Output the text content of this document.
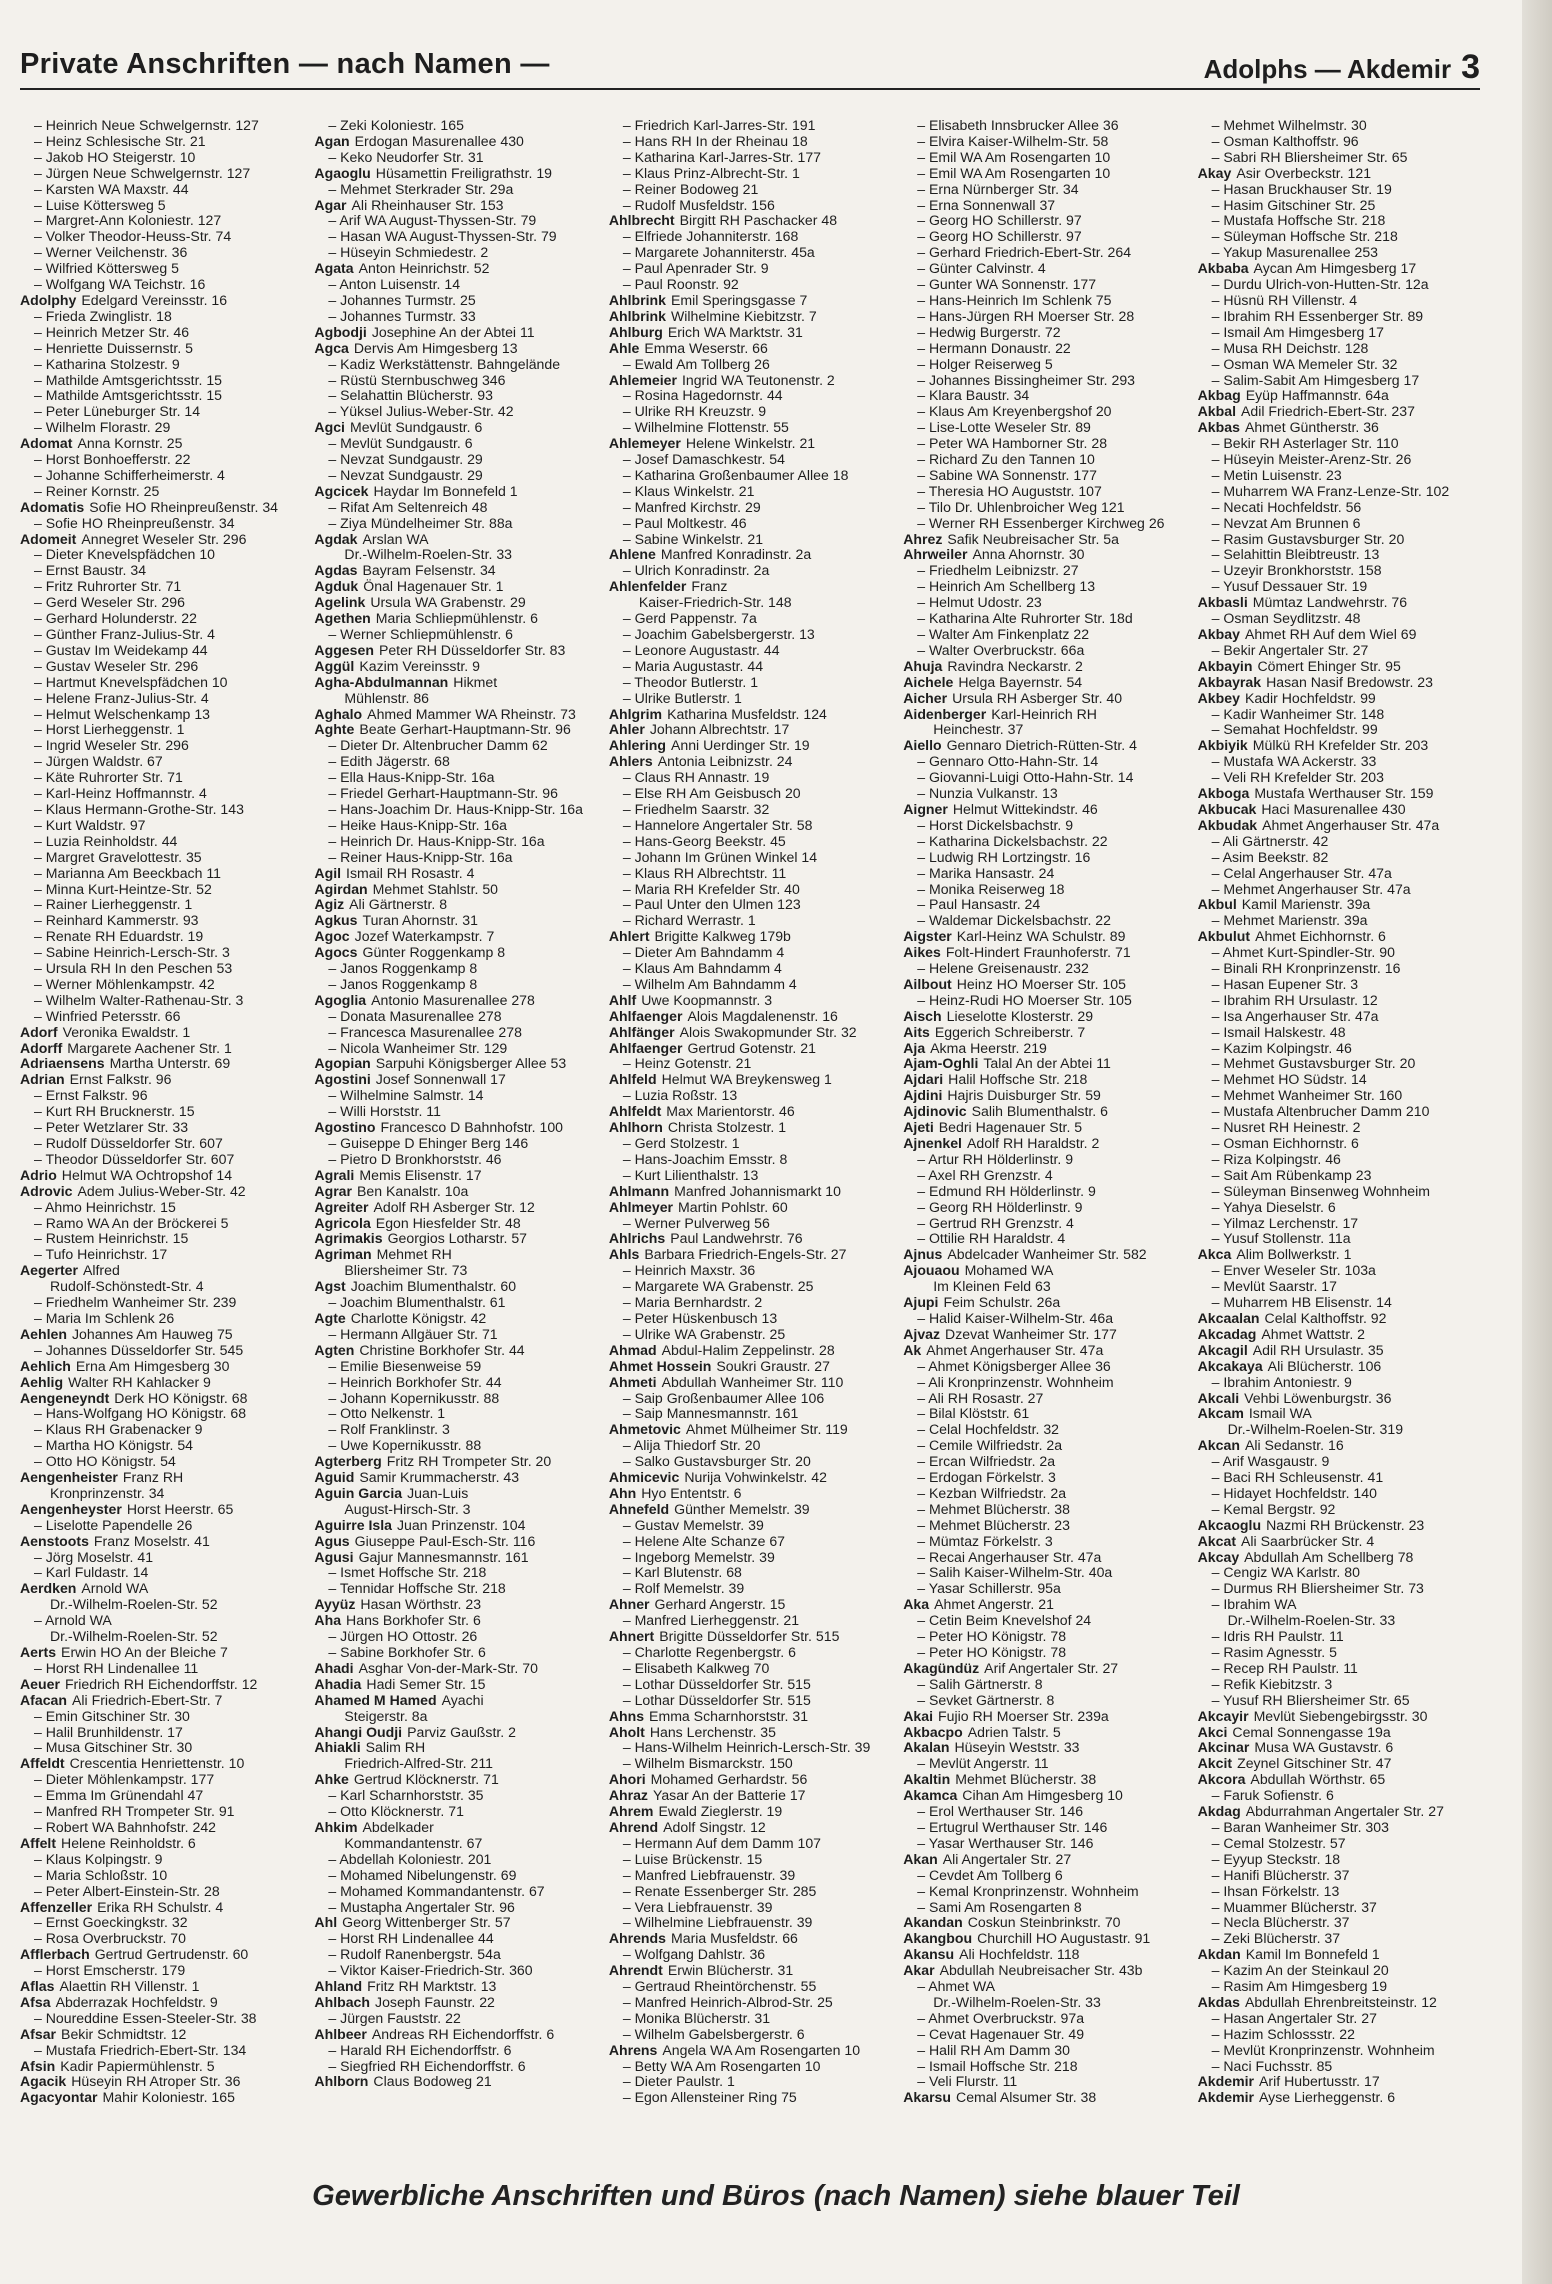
Private Anschriften — nach Namen —	Adolphs — Akdemir 3
– Heinrich Neue Schwelgernstr. 127
– Heinz Schlesische Str. 21
– Jakob HO Steigerstr. 10
– Jürgen Neue Schwelgernstr. 127
– Karsten WA Maxstr. 44
– Luise Köttersweg 5
– Margret-Ann Koloniestr. 127
– Volker Theodor-Heuss-Str. 74
– Werner Veilchenstr. 36
– Wilfried Köttersweg 5
– Wolfgang WA Teichstr. 16
Adolphy Edelgard Vereinsstr. 16
– Frieda Zwinglistr. 18
– Heinrich Metzer Str. 46
– Henriette Duissernstr. 5
– Katharina Stolzestr. 9
– Mathilde Amtsgerichtsstr. 15
– Mathilde Amtsgerichtsstr. 15
– Peter Lüneburger Str. 14
– Wilhelm Florastr. 29
Adomat Anna Kornstr. 25
– Horst Bonhoefferstr. 22
– Johanne Schifferheimerstr. 4
– Reiner Kornstr. 25
Adomatis Sofie HO Rheinpreußenstr. 34
– Sofie HO Rheinpreußenstr. 34
Adomeit Annegret Weseler Str. 296
– Dieter Knevelspfädchen 10
– Ernst Baustr. 34
– Fritz Ruhrorter Str. 71
– Gerd Weseler Str. 296
– Gerhard Holunderstr. 22
– Günther Franz-Julius-Str. 4
– Gustav Im Weidekamp 44
– Gustav Weseler Str. 296
– Hartmut Knevelspfädchen 10
– Helene Franz-Julius-Str. 4
– Helmut Welschenkamp 13
– Horst Lierheggenstr. 1
– Ingrid Weseler Str. 296
– Jürgen Waldstr. 67
– Käte Ruhrorter Str. 71
– Karl-Heinz Hoffmannstr. 4
– Klaus Hermann-Grothe-Str. 143
– Kurt Waldstr. 97
– Luzia Reinholdstr. 44
– Margret Gravelottestr. 35
– Marianna Am Beeckbach 11
– Minna Kurt-Heintze-Str. 52
– Rainer Lierheggenstr. 1
– Reinhard Kammerstr. 93
– Renate RH Eduardstr. 19
– Sabine Heinrich-Lersch-Str. 3
– Ursula RH In den Peschen 53
– Werner Möhlenkampstr. 42
– Wilhelm Walter-Rathenau-Str. 3
– Winfried Petersstr. 66
Adorf Veronika Ewaldstr. 1
Adorff Margarete Aachener Str. 1
Adriaensens Martha Unterstr. 69
Adrian Ernst Falkstr. 96
– Ernst Falkstr. 96
– Kurt RH Brucknerstr. 15
– Peter Wetzlarer Str. 33
– Rudolf Düsseldorfer Str. 607
– Theodor Düsseldorfer Str. 607
Adrio Helmut WA Ochtropshof 14
Adrovic Adem Julius-Weber-Str. 42
– Ahmo Heinrichstr. 15
– Ramo WA An der Bröckerei 5
– Rustem Heinrichstr. 15
– Tufo Heinrichstr. 17
Aegerter Alfred
Rudolf-Schönstedt-Str. 4
– Friedhelm Wanheimer Str. 239
– Maria Im Schlenk 26
Aehlen Johannes Am Hauweg 75
– Johannes Düsseldorfer Str. 545
Aehlich Erna Am Himgesberg 30
Aehlig Walter RH Kahlacker 9
Aengeneyndt Derk HO Königstr. 68
– Hans-Wolfgang HO Königstr. 68
– Klaus RH Grabenacker 9
– Martha HO Königstr. 54
– Otto HO Königstr. 54
Aengenheister Franz RH
Kronprinzenstr. 34
Aengenheyster Horst Heerstr. 65
– Liselotte Papendelle 26
Aenstoots Franz Moselstr. 41
– Jörg Moselstr. 41
– Karl Fuldastr. 14
Aerdken Arnold WA
Dr.-Wilhelm-Roelen-Str. 52
– Arnold WA
Dr.-Wilhelm-Roelen-Str. 52
Aerts Erwin HO An der Bleiche 7
– Horst RH Lindenallee 11
Aeuer Friedrich RH Eichendorffstr. 12
Afacan Ali Friedrich-Ebert-Str. 7
– Emin Gitschiner Str. 30
– Halil Brunhildenstr. 17
– Musa Gitschiner Str. 30
Affeldt Crescentia Henriettenstr. 10
– Dieter Möhlenkampstr. 177
– Emma Im Grünendahl 47
– Manfred RH Trompeter Str. 91
– Robert WA Bahnhofstr. 242
Affelt Helene Reinholdstr. 6
– Klaus Kolpingstr. 9
– Maria Schloßstr. 10
– Peter Albert-Einstein-Str. 28
Affenzeller Erika RH Schulstr. 4
– Ernst Goeckingkstr. 32
– Rosa Overbruckstr. 70
Afflerbach Gertrud Gertrudenstr. 60
– Horst Emscherstr. 179
Aflas Alaettin RH Villenstr. 1
Afsa Abderrazak Hochfeldstr. 9
– Noureddine Essen-Steeler-Str. 38
Afsar Bekir Schmidtstr. 12
– Mustafa Friedrich-Ebert-Str. 134
Afsin Kadir Papiermühlenstr. 5
Agacik Hüseyin RH Atroper Str. 36
Agacyontar Mahir Koloniestr. 165
– Zeki Koloniestr. 165
Agan Erdogan Masurenallee 430
– Keko Neudorfer Str. 31
Agaoglu Hüsamettin Freiligrathstr. 19
– Mehmet Sterkrader Str. 29a
Agar Ali Rheinhauser Str. 153
– Arif WA August-Thyssen-Str. 79
– Hasan WA August-Thyssen-Str. 79
– Hüseyin Schmiedestr. 2
Agata Anton Heinrichstr. 52
– Anton Luisenstr. 14
– Johannes Turmstr. 25
– Johannes Turmstr. 33
Agbodji Josephine An der Abtei 11
Agca Dervis Am Himgesberg 13
– Kadiz Werkstättenstr. Bahngelände
– Rüstü Sternbuschweg 346
– Selahattin Blücherstr. 93
– Yüksel Julius-Weber-Str. 42
Agci Mevlüt Sundgaustr. 6
– Mevlüt Sundgaustr. 6
– Nevzat Sundgaustr. 29
– Nevzat Sundgaustr. 29
Agcicek Haydar Im Bonnefeld 1
– Rifat Am Seltenreich 48
– Ziya Mündelheimer Str. 88a
Agdak Arslan WA
Dr.-Wilhelm-Roelen-Str. 33
Agdas Bayram Felsenstr. 34
Agduk Önal Hagenauer Str. 1
Agelink Ursula WA Grabenstr. 29
Agethen Maria Schliepmühlenstr. 6
– Werner Schliepmühlenstr. 6
Aggesen Peter RH Düsseldorfer Str. 83
Aggül Kazim Vereinsstr. 9
Agha-Abdulmannan Hikmet
Mühlenstr. 86
Aghalo Ahmed Mammer WA Rheinstr. 73
Aghte Beate Gerhart-Hauptmann-Str. 96
– Dieter Dr. Altenbrucher Damm 62
– Edith Jägerstr. 68
– Ella Haus-Knipp-Str. 16a
– Friedel Gerhart-Hauptmann-Str. 96
– Hans-Joachim Dr. Haus-Knipp-Str. 16a
– Heike Haus-Knipp-Str. 16a
– Heinrich Dr. Haus-Knipp-Str. 16a
– Reiner Haus-Knipp-Str. 16a
Agil Ismail RH Rosastr. 4
Agirdan Mehmet Stahlstr. 50
Agiz Ali Gärtnerstr. 8
Agkus Turan Ahornstr. 31
Agoc Jozef Waterkampstr. 7
Agocs Günter Roggenkamp 8
– Janos Roggenkamp 8
– Janos Roggenkamp 8
Agoglia Antonio Masurenallee 278
– Donata Masurenallee 278
– Francesca Masurenallee 278
– Nicola Wanheimer Str. 129
Agopian Sarpuhi Königsberger Allee 53
Agostini Josef Sonnenwall 17
– Wilhelmine Salmstr. 14
– Willi Horststr. 11
Agostino Francesco D Bahnhofstr. 100
– Guiseppe D Ehinger Berg 146
– Pietro D Bronkhorststr. 46
Agrali Memis Elisenstr. 17
Agrar Ben Kanalstr. 10a
Agreiter Adolf RH Asberger Str. 12
Agricola Egon Hiesfelder Str. 48
Agrimakis Georgios Lotharstr. 57
Agriman Mehmet RH
Bliersheimer Str. 73
Agst Joachim Blumenthalstr. 60
– Joachim Blumenthalstr. 61
Agte Charlotte Königstr. 42
– Hermann Allgäuer Str. 71
Agten Christine Borkhofer Str. 44
– Emilie Biesenweise 59
– Heinrich Borkhofer Str. 44
– Johann Kopernikusstr. 88
– Otto Nelkenstr. 1
– Rolf Franklinstr. 3
– Uwe Kopernikusstr. 88
Agterberg Fritz RH Trompeter Str. 20
Aguid Samir Krummacherstr. 43
Aguin Garcia Juan-Luis
August-Hirsch-Str. 3
Aguirre Isla Juan Prinzenstr. 104
Agus Giuseppe Paul-Esch-Str. 116
Agusi Gajur Mannesmannstr. 161
– Ismet Hoffsche Str. 218
– Tennidar Hoffsche Str. 218
Ayyüz Hasan Wörthstr. 23
Aha Hans Borkhofer Str. 6
– Jürgen HO Ottostr. 26
– Sabine Borkhofer Str. 6
Ahadi Asghar Von-der-Mark-Str. 70
Ahadia Hadi Semer Str. 15
Ahamed M Hamed Ayachi
Steigerstr. 8a
Ahangi Oudji Parviz Gaußstr. 2
Ahiakli Salim RH
Friedrich-Alfred-Str. 211
Ahke Gertrud Klöcknerstr. 71
– Karl Scharnhorststr. 35
– Otto Klöcknerstr. 71
Ahkim Abdelkader
Kommandantenstr. 67
– Abdellah Koloniestr. 201
– Mohamed Nibelungenstr. 69
– Mohamed Kommandantenstr. 67
– Mustapha Angertaler Str. 96
Ahl Georg Wittenberger Str. 57
– Horst RH Lindenallee 44
– Rudolf Ranenbergstr. 54a
– Viktor Kaiser-Friedrich-Str. 360
Ahland Fritz RH Marktstr. 13
Ahlbach Joseph Faunstr. 22
– Jürgen Fauststr. 22
Ahlbeer Andreas RH Eichendorffstr. 6
– Harald RH Eichendorffstr. 6
– Siegfried RH Eichendorffstr. 6
Ahlborn Claus Bodoweg 21
– Friedrich Karl-Jarres-Str. 191
– Hans RH In der Rheinau 18
– Katharina Karl-Jarres-Str. 177
– Klaus Prinz-Albrecht-Str. 1
– Reiner Bodoweg 21
– Rudolf Musfeldstr. 156
Ahlbrecht Birgitt RH Paschacker 48
– Elfriede Johanniterstr. 168
– Margarete Johanniterstr. 45a
– Paul Apenrader Str. 9
– Paul Roonstr. 92
Ahlbrink Emil Speringsgasse 7
Ahlbrink Wilhelmine Kiebitzstr. 7
Ahlburg Erich WA Marktstr. 31
Ahle Emma Weserstr. 66
– Ewald Am Tollberg 26
Ahlemeier Ingrid WA Teutonenstr. 2
– Rosina Hagedornstr. 44
– Ulrike RH Kreuzstr. 9
– Wilhelmine Flottenstr. 55
Ahlemeyer Helene Winkelstr. 21
– Josef Damaschkestr. 54
– Katharina Großenbaumer Allee 18
– Klaus Winkelstr. 21
– Manfred Kirchstr. 29
– Paul Moltkestr. 46
– Sabine Winkelstr. 21
Ahlene Manfred Konradinstr. 2a
– Ulrich Konradinstr. 2a
Ahlenfelder Franz
Kaiser-Friedrich-Str. 148
– Gerd Pappenstr. 7a
– Joachim Gabelsbergerstr. 13
– Leonore Augustastr. 44
– Maria Augustastr. 44
– Theodor Butlerstr. 1
– Ulrike Butlerstr. 1
Ahlgrim Katharina Musfeldstr. 124
Ahler Johann Albrechtstr. 17
Ahlering Anni Uerdinger Str. 19
Ahlers Antonia Leibnizstr. 24
– Claus RH Annastr. 19
– Else RH Am Geisbusch 20
– Friedhelm Saarstr. 32
– Hannelore Angertaler Str. 58
– Hans-Georg Beekstr. 45
– Johann Im Grünen Winkel 14
– Klaus RH Albrechtstr. 11
– Maria RH Krefelder Str. 40
– Paul Unter den Ulmen 123
– Richard Werrastr. 1
Ahlert Brigitte Kalkweg 179b
– Dieter Am Bahndamm 4
– Klaus Am Bahndamm 4
– Wilhelm Am Bahndamm 4
Ahlf Uwe Koopmannstr. 3
Ahlfaenger Alois Magdalenenstr. 16
Ahlfänger Alois Swakopmunder Str. 32
Ahlfaenger Gertrud Gotenstr. 21
– Heinz Gotenstr. 21
Ahlfeld Helmut WA Breykensweg 1
– Luzia Roßstr. 13
Ahlfeldt Max Marientorstr. 46
Ahlhorn Christa Stolzestr. 1
– Gerd Stolzestr. 1
– Hans-Joachim Emsstr. 8
– Kurt Lilienthalstr. 13
Ahlmann Manfred Johannismarkt 10
Ahlmeyer Martin Pohlstr. 60
– Werner Pulverweg 56
Ahlrichs Paul Landwehrstr. 76
Ahls Barbara Friedrich-Engels-Str. 27
– Heinrich Maxstr. 36
– Margarete WA Grabenstr. 25
– Maria Bernhardstr. 2
– Peter Hüskenbusch 13
– Ulrike WA Grabenstr. 25
Ahmad Abdul-Halim Zeppelinstr. 28
Ahmet Hossein Soukri Graustr. 27
Ahmeti Abdullah Wanheimer Str. 110
– Saip Großenbaumer Allee 106
– Saip Mannesmannstr. 161
Ahmetovic Ahmet Mülheimer Str. 119
– Alija Thiedorf Str. 20
– Salko Gustavsburger Str. 20
Ahmicevic Nurija Vohwinkelstr. 42
Ahn Hyo Ententstr. 6
Ahnefeld Günther Memelstr. 39
– Gustav Memelstr. 39
– Helene Alte Schanze 67
– Ingeborg Memelstr. 39
– Karl Blutenstr. 68
– Rolf Memelstr. 39
Ahner Gerhard Angerstr. 15
– Manfred Lierheggenstr. 21
Ahnert Brigitte Düsseldorfer Str. 515
– Charlotte Regenbergstr. 6
– Elisabeth Kalkweg 70
– Lothar Düsseldorfer Str. 515
– Lothar Düsseldorfer Str. 515
Ahns Emma Scharnhorststr. 31
Aholt Hans Lerchenstr. 35
– Hans-Wilhelm Heinrich-Lersch-Str. 39
– Wilhelm Bismarckstr. 150
Ahori Mohamed Gerhardstr. 56
Ahraz Yasar An der Batterie 17
Ahrem Ewald Zieglerstr. 19
Ahrend Adolf Singstr. 12
– Hermann Auf dem Damm 107
– Luise Brückenstr. 15
– Manfred Liebfrauenstr. 39
– Renate Essenberger Str. 285
– Vera Liebfrauenstr. 39
– Wilhelmine Liebfrauenstr. 39
Ahrends Maria Musfeldstr. 66
– Wolfgang Dahlstr. 36
Ahrendt Erwin Blücherstr. 31
– Gertraud Rheintörchenstr. 55
– Manfred Heinrich-Albrod-Str. 25
– Monika Blücherstr. 31
– Wilhelm Gabelsbergerstr. 6
Ahrens Angela WA Am Rosengarten 10
– Betty WA Am Rosengarten 10
– Dieter Paulstr. 1
– Egon Allensteiner Ring 75
– Elisabeth Innsbrucker Allee 36
– Elvira Kaiser-Wilhelm-Str. 58
– Emil WA Am Rosengarten 10
– Emil WA Am Rosengarten 10
– Erna Nürnberger Str. 34
– Erna Sonnenwall 37
– Georg HO Schillerstr. 97
– Georg HO Schillerstr. 97
– Gerhard Friedrich-Ebert-Str. 264
– Günter Calvinstr. 4
– Gunter WA Sonnenstr. 177
– Hans-Heinrich Im Schlenk 75
– Hans-Jürgen RH Moerser Str. 28
– Hedwig Burgerstr. 72
– Hermann Donaustr. 22
– Holger Reiserweg 5
– Johannes Bissingheimer Str. 293
– Klara Baustr. 34
– Klaus Am Kreyenbergshof 20
– Lise-Lotte Weseler Str. 89
– Peter WA Hamborner Str. 28
– Richard Zu den Tannen 10
– Sabine WA Sonnenstr. 177
– Theresia HO Auguststr. 107
– Tilo Dr. Uhlenbroicher Weg 121
– Werner RH Essenberger Kirchweg 26
Ahrez Safik Neubreisacher Str. 5a
Ahrweiler Anna Ahornstr. 30
– Friedhelm Leibnizstr. 27
– Heinrich Am Schellberg 13
– Helmut Udostr. 23
– Katharina Alte Ruhrorter Str. 18d
– Walter Am Finkenplatz 22
– Walter Overbruckstr. 66a
Ahuja Ravindra Neckarstr. 2
Aichele Helga Bayernstr. 54
Aicher Ursula RH Asberger Str. 40
Aidenberger Karl-Heinrich RH
Heinchestr. 37
Aiello Gennaro Dietrich-Rütten-Str. 4
– Gennaro Otto-Hahn-Str. 14
– Giovanni-Luigi Otto-Hahn-Str. 14
– Nunzia Vulkanstr. 13
Aigner Helmut Wittekindstr. 46
– Horst Dickelsbachstr. 9
– Katharina Dickelsbachstr. 22
– Ludwig RH Lortzingstr. 16
– Marika Hansastr. 24
– Monika Reiserweg 18
– Paul Hansastr. 24
– Waldemar Dickelsbachstr. 22
Aigster Karl-Heinz WA Schulstr. 89
Aikes Folt-Hindert Fraunhoferstr. 71
– Helene Greisenaustr. 232
Ailbout Heinz HO Moerser Str. 105
– Heinz-Rudi HO Moerser Str. 105
Aisch Lieselotte Klosterstr. 29
Aits Eggerich Schreiberstr. 7
Aja Akma Heerstr. 219
Ajam-Oghli Talal An der Abtei 11
Ajdari Halil Hoffsche Str. 218
Ajdini Hajris Duisburger Str. 59
Ajdinovic Salih Blumenthalstr. 6
Ajeti Bedri Hagenauer Str. 5
Ajnenkel Adolf RH Haraldstr. 2
– Artur RH Hölderlinstr. 9
– Axel RH Grenzstr. 4
– Edmund RH Hölderlinstr. 9
– Georg RH Hölderlinstr. 9
– Gertrud RH Grenzstr. 4
– Ottilie RH Haraldstr. 4
Ajnus Abdelcader Wanheimer Str. 582
Ajouaou Mohamed WA
Im Kleinen Feld 63
Ajupi Feim Schulstr. 26a
– Halid Kaiser-Wilhelm-Str. 46a
Ajvaz Dzevat Wanheimer Str. 177
Ak Ahmet Angerhauser Str. 47a
– Ahmet Königsberger Allee 36
– Ali Kronprinzenstr. Wohnheim
– Ali RH Rosastr. 27
– Bilal Klöststr. 61
– Celal Hochfeldstr. 32
– Cemile Wilfriedstr. 2a
– Ercan Wilfriedstr. 2a
– Erdogan Förkelstr. 3
– Kezban Wilfriedstr. 2a
– Mehmet Blücherstr. 38
– Mehmet Blücherstr. 23
– Mümtaz Förkelstr. 3
– Recai Angerhauser Str. 47a
– Salih Kaiser-Wilhelm-Str. 40a
– Yasar Schillerstr. 95a
Aka Ahmet Angerstr. 21
– Cetin Beim Knevelshof 24
– Peter HO Königstr. 78
– Peter HO Königstr. 78
Akagündüz Arif Angertaler Str. 27
– Salih Gärtnerstr. 8
– Sevket Gärtnerstr. 8
Akai Fujio RH Moerser Str. 239a
Akbacpo Adrien Talstr. 5
Akalan Hüseyin Weststr. 33
– Mevlüt Angerstr. 11
Akaltin Mehmet Blücherstr. 38
Akamca Cihan Am Himgesberg 10
– Erol Werthauser Str. 146
– Ertugrul Werthauser Str. 146
– Yasar Werthauser Str. 146
Akan Ali Angertaler Str. 27
– Cevdet Am Tollberg 6
– Kemal Kronprinzenstr. Wohnheim
– Sami Am Rosengarten 8
Akandan Coskun Steinbrinkstr. 70
Akangbou Churchill HO Augustastr. 91
Akansu Ali Hochfeldstr. 118
Akar Abdullah Neubreisacher Str. 43b
– Ahmet WA
Dr.-Wilhelm-Roelen-Str. 33
– Ahmet Overbruckstr. 97a
– Cevat Hagenauer Str. 49
– Halil RH Am Damm 30
– Ismail Hoffsche Str. 218
– Veli Flurstr. 11
Akarsu Cemal Alsumer Str. 38
– Mehmet Wilhelmstr. 30
– Osman Kalthoffstr. 96
– Sabri RH Bliersheimer Str. 65
Akay Asir Overbeckstr. 121
– Hasan Bruckhauser Str. 19
– Hasim Gitschiner Str. 25
– Mustafa Hoffsche Str. 218
– Süleyman Hoffsche Str. 218
– Yakup Masurenallee 253
Akbaba Aycan Am Himgesberg 17
– Durdu Ulrich-von-Hutten-Str. 12a
– Hüsnü RH Villenstr. 4
– Ibrahim RH Essenberger Str. 89
– Ismail Am Himgesberg 17
– Musa RH Deichstr. 128
– Osman WA Memeler Str. 32
– Salim-Sabit Am Himgesberg 17
Akbag Eyüp Haffmannstr. 64a
Akbal Adil Friedrich-Ebert-Str. 237
Akbas Ahmet Güntherstr. 36
– Bekir RH Asterlager Str. 110
– Hüseyin Meister-Arenz-Str. 26
– Metin Luisenstr. 23
– Muharrem WA Franz-Lenze-Str. 102
– Necati Hochfeldstr. 56
– Nevzat Am Brunnen 6
– Rasim Gustavsburger Str. 20
– Selahittin Bleibtreustr. 13
– Uzeyir Bronkhorststr. 158
– Yusuf Dessauer Str. 19
Akbasli Mümtaz Landwehrstr. 76
– Osman Seydlitzstr. 48
Akbay Ahmet RH Auf dem Wiel 69
– Bekir Angertaler Str. 27
Akbayin Cömert Ehinger Str. 95
Akbayrak Hasan Nasif Bredowstr. 23
Akbey Kadir Hochfeldstr. 99
– Kadir Wanheimer Str. 148
– Semahat Hochfeldstr. 99
Akbiyik Mülkü RH Krefelder Str. 203
– Mustafa WA Ackerstr. 33
– Veli RH Krefelder Str. 203
Akboga Mustafa Werthauser Str. 159
Akbucak Haci Masurenallee 430
Akbudak Ahmet Angerhauser Str. 47a
– Ali Gärtnerstr. 42
– Asim Beekstr. 82
– Celal Angerhauser Str. 47a
– Mehmet Angerhauser Str. 47a
Akbul Kamil Marienstr. 39a
– Mehmet Marienstr. 39a
Akbulut Ahmet Eichhornstr. 6
– Ahmet Kurt-Spindler-Str. 90
– Binali RH Kronprinzenstr. 16
– Hasan Eupener Str. 3
– Ibrahim RH Ursulastr. 12
– Isa Angerhauser Str. 47a
– Ismail Halskestr. 48
– Kazim Kolpingstr. 46
– Mehmet Gustavsburger Str. 20
– Mehmet HO Südstr. 14
– Mehmet Wanheimer Str. 160
– Mustafa Altenbrucher Damm 210
– Nusret RH Heinestr. 2
– Osman Eichhornstr. 6
– Riza Kolpingstr. 46
– Sait Am Rübenkamp 23
– Süleyman Binsenweg Wohnheim
– Yahya Dieselstr. 6
– Yilmaz Lerchenstr. 17
– Yusuf Stollenstr. 11a
Akca Alim Bollwerkstr. 1
– Enver Weseler Str. 103a
– Mevlüt Saarstr. 17
– Muharrem HB Elisenstr. 14
Akcaalan Celal Kalthoffstr. 92
Akcadag Ahmet Wattstr. 2
Akcagil Adil RH Ursulastr. 35
Akcakaya Ali Blücherstr. 106
– Ibrahim Antoniestr. 9
Akcali Vehbi Löwenburgstr. 36
Akcam Ismail WA
Dr.-Wilhelm-Roelen-Str. 319
Akcan Ali Sedanstr. 16
– Arif Wasgaustr. 9
– Baci RH Schleusenstr. 41
– Hidayet Hochfeldstr. 140
– Kemal Bergstr. 92
Akcaoglu Nazmi RH Brückenstr. 23
Akcat Ali Saarbrücker Str. 4
Akcay Abdullah Am Schellberg 78
– Cengiz WA Karlstr. 80
– Durmus RH Bliersheimer Str. 73
– Ibrahim WA
Dr.-Wilhelm-Roelen-Str. 33
– Idris RH Paulstr. 11
– Rasim Agnesstr. 5
– Recep RH Paulstr. 11
– Refik Kiebitzstr. 3
– Yusuf RH Bliersheimer Str. 65
Akcayir Mevlüt Siebengebirgsstr. 30
Akci Cemal Sonnengasse 19a
Akcinar Musa WA Gustavstr. 6
Akcit Zeynel Gitschiner Str. 47
Akcora Abdullah Wörthstr. 65
– Faruk Sofienstr. 6
Akdag Abdurrahman Angertaler Str. 27
– Baran Wanheimer Str. 303
– Cemal Stolzestr. 57
– Eyyup Steckstr. 18
– Hanifi Blücherstr. 37
– Ihsan Förkelstr. 13
– Muammer Blücherstr. 37
– Necla Blücherstr. 37
– Zeki Blücherstr. 37
Akdan Kamil Im Bonnefeld 1
– Kazim An der Steinkaul 20
– Rasim Am Himgesberg 19
Akdas Abdullah Ehrenbreitsteinstr. 12
– Hasan Angertaler Str. 27
– Hazim Schlossstr. 22
– Mevlüt Kronprinzenstr. Wohnheim
– Naci Fuchsstr. 85
Akdemir Arif Hubertusstr. 17
Akdemir Ayse Lierheggenstr. 6
Gewerbliche Anschriften und Büros (nach Namen) siehe blauer Teil
